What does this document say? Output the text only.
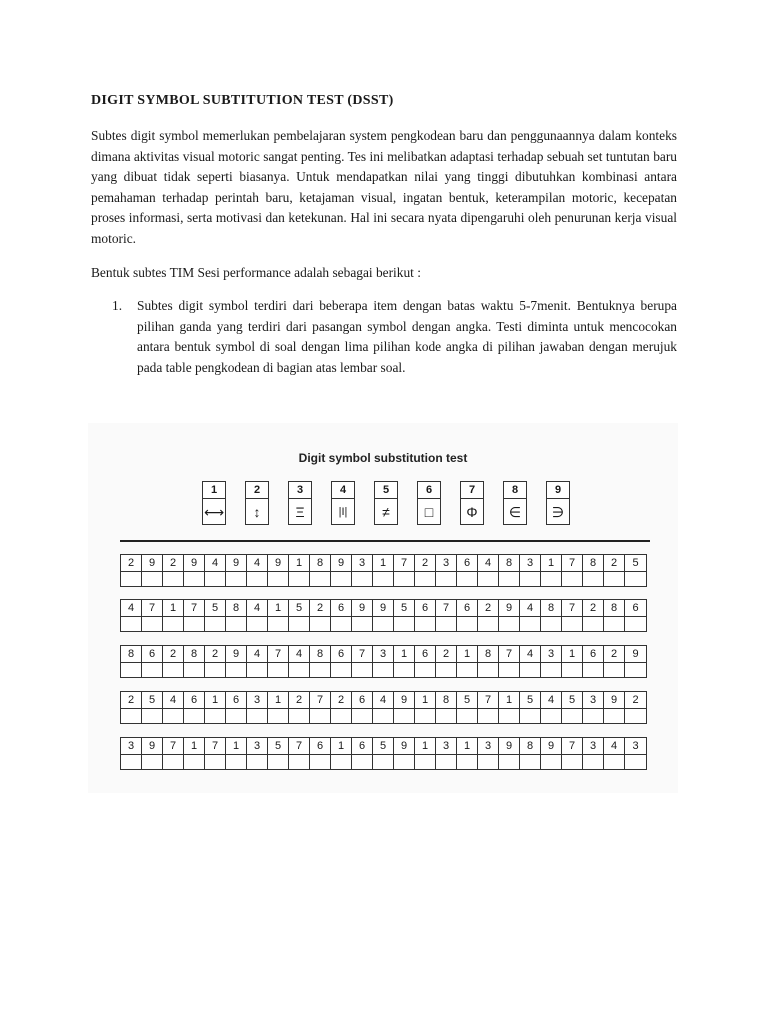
DIGIT SYMBOL SUBTITUTION TEST (DSST)

Subtes digit symbol memerlukan pembelajaran system pengkodean baru dan penggunaannya dalam konteks dimana aktivitas visual motoric sangat penting. Tes ini melibatkan adaptasi terhadap sebuah set tuntutan baru yang dibuat tidak seperti biasanya. Untuk mendapatkan nilai yang tinggi dibutuhkan kombinasi antara pemahaman terhadap perintah baru, ketajaman visual, ingatan bentuk, keterampilan motoric, kecepatan proses informasi, serta motivasi dan ketekunan. Hal ini secara nyata dipengaruhi oleh penurunan kerja visual motoric.

Bentuk subtes TIM Sesi performance adalah sebagai berikut :

1. Subtes digit symbol terdiri dari beberapa item dengan batas waktu 5-7menit. Bentuknya berupa pilihan ganda yang terdiri dari pasangan symbol dengan angka. Testi diminta untuk mencocokan antara bentuk symbol di soal dengan lima pilihan kode angka di pilihan jawaban dengan merujuk pada table pengkodean di bagian atas lembar soal.
Digit symbol substitution test
1
⟷
2
↕
3
Ξ
4
|I|
5
≠
6
□
7
Φ
8
∈
9
∋
2	9	2	9	4	9	4	9	1	8	9	3	1	7	2	3	6	4	8	3	1	7	8	2	5
4	7	1	7	5	8	4	1	5	2	6	9	9	5	6	7	6	2	9	4	8	7	2	8	6
8	6	2	8	2	9	4	7	4	8	6	7	3	1	6	2	1	8	7	4	3	1	6	2	9
2	5	4	6	1	6	3	1	2	7	2	6	4	9	1	8	5	7	1	5	4	5	3	9	2
3	9	7	1	7	1	3	5	7	6	1	6	5	9	1	3	1	3	9	8	9	7	3	4	3
